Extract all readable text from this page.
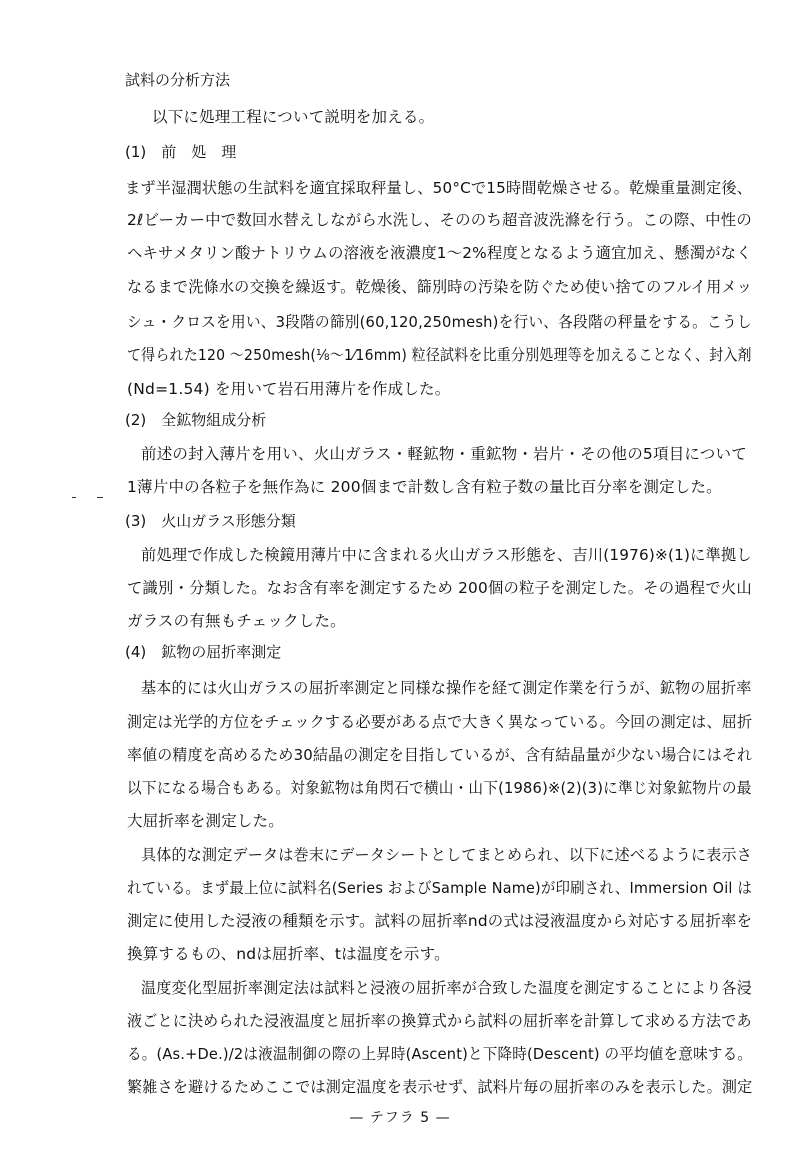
試料の分析方法
以下に処理工程について説明を加える。
(1)　前　処　理
まず半湿潤状態の生試料を適宜採取秤量し、50°Cで15時間乾燥させる。乾燥重量測定後、
2ℓビーカー中で数回水替えしながら水洗し、そののち超音波洗滌を行う。この際、中性の
ヘキサメタリン酸ナトリウムの溶液を液濃度1～2%程度となるよう適宜加え、懸濁がなく
なるまで洗條水の交換を繰返す。乾燥後、篩別時の汚染を防ぐため使い捨てのフルイ用メッ
シュ・クロスを用い、3段階の篩別(60,120,250mesh)を行い、各段階の秤量をする。こうし
て得られた120 ～250mesh(⅛～1⁄16mm) 粒径試料を比重分別処理等を加えることなく、封入剤
(Nd=1.54) を用いて岩石用薄片を作成した。
(2)　全鉱物組成分析
前述の封入薄片を用い、火山ガラス・軽鉱物・重鉱物・岩片・その他の5項目について
1薄片中の各粒子を無作為に 200個まで計数し含有粒子数の量比百分率を測定した。
(3)　火山ガラス形態分類
前処理で作成した検鏡用薄片中に含まれる火山ガラス形態を、吉川(1976)※(1)に準拠し
て識別・分類した。なお含有率を測定するため 200個の粒子を測定した。その過程で火山
ガラスの有無もチェックした。
(4)　鉱物の屈折率測定
基本的には火山ガラスの屈折率測定と同様な操作を経て測定作業を行うが、鉱物の屈折率
測定は光学的方位をチェックする必要がある点で大きく異なっている。今回の測定は、屈折
率値の精度を高めるため30結晶の測定を目指しているが、含有結晶量が少ない場合にはそれ
以下になる場合もある。対象鉱物は角閃石で横山・山下(1986)※(2)(3)に準じ対象鉱物片の最
大屈折率を測定した。
具体的な測定データは巻末にデータシートとしてまとめられ、以下に述べるように表示さ
れている。まず最上位に試料名(Series およびSample Name)が印刷され、Immersion Oil は
測定に使用した浸液の種類を示す。試料の屈折率ndの式は浸液温度から対応する屈折率を
換算するもの、ndは屈折率、tは温度を示す。
温度変化型屈折率測定法は試料と浸液の屈折率が合致した温度を測定することにより各浸
液ごとに決められた浸液温度と屈折率の換算式から試料の屈折率を計算して求める方法であ
る。(As.+De.)/2は液温制御の際の上昇時(Ascent)と下降時(Descent) の平均値を意味する。
繁雑さを避けるためここでは測定温度を表示せず、試料片毎の屈折率のみを表示した。測定
— テフラ 5 —
